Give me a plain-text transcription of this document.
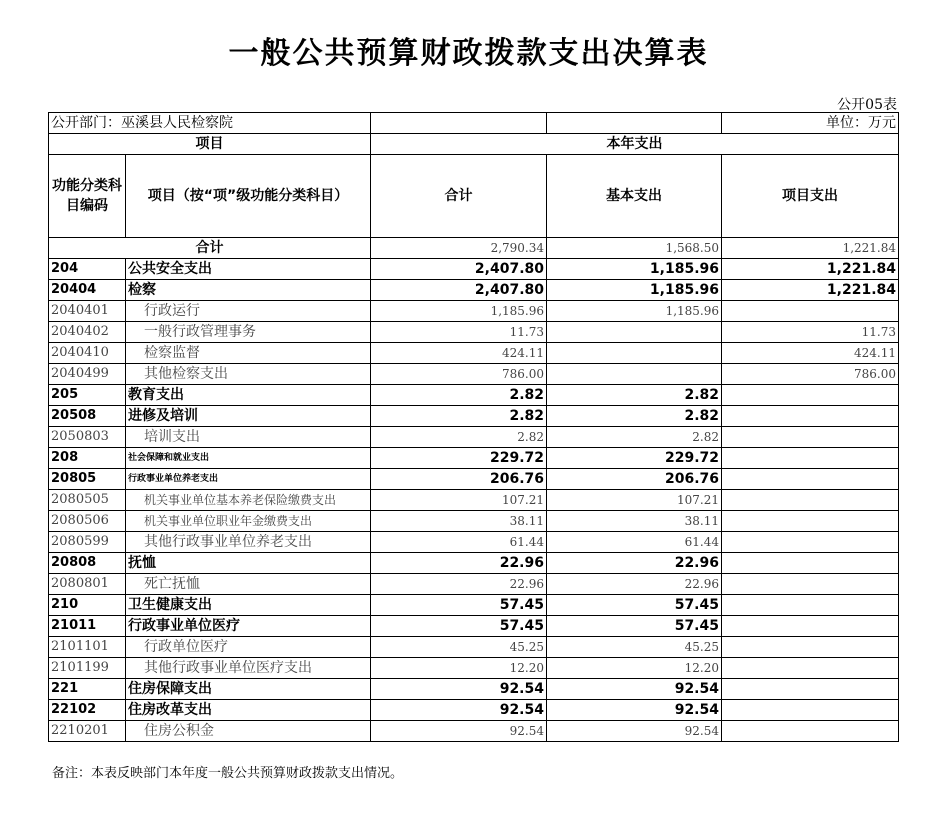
一般公共预算财政拨款支出决算表
公开05表
公开部门：巫溪县人民检察院				单位：万元
项目		本年支出		
功能分类科目编码	项目（按“项”级功能分类科目）	合计	基本支出	项目支出
合计		2,790.34	1,568.50	1,221.84
204	公共安全支出	2,407.80	1,185.96	1,221.84
20404	检察	2,407.80	1,185.96	1,221.84
2040401	行政运行	1,185.96	1,185.96	
2040402	一般行政管理事务	11.73		11.73
2040410	检察监督	424.11		424.11
2040499	其他检察支出	786.00		786.00
205	教育支出	2.82	2.82	
20508	进修及培训	2.82	2.82	
2050803	培训支出	2.82	2.82	
208	社会保障和就业支出	229.72	229.72	
20805	行政事业单位养老支出	206.76	206.76	
2080505	机关事业单位基本养老保险缴费支出	107.21	107.21	
2080506	机关事业单位职业年金缴费支出	38.11	38.11	
2080599	其他行政事业单位养老支出	61.44	61.44	
20808	抚恤	22.96	22.96	
2080801	死亡抚恤	22.96	22.96	
210	卫生健康支出	57.45	57.45	
21011	行政事业单位医疗	57.45	57.45	
2101101	行政单位医疗	45.25	45.25	
2101199	其他行政事业单位医疗支出	12.20	12.20	
221	住房保障支出	92.54	92.54	
22102	住房改革支出	92.54	92.54	
2210201	住房公积金	92.54	92.54	
备注：本表反映部门本年度一般公共预算财政拨款支出情况。
